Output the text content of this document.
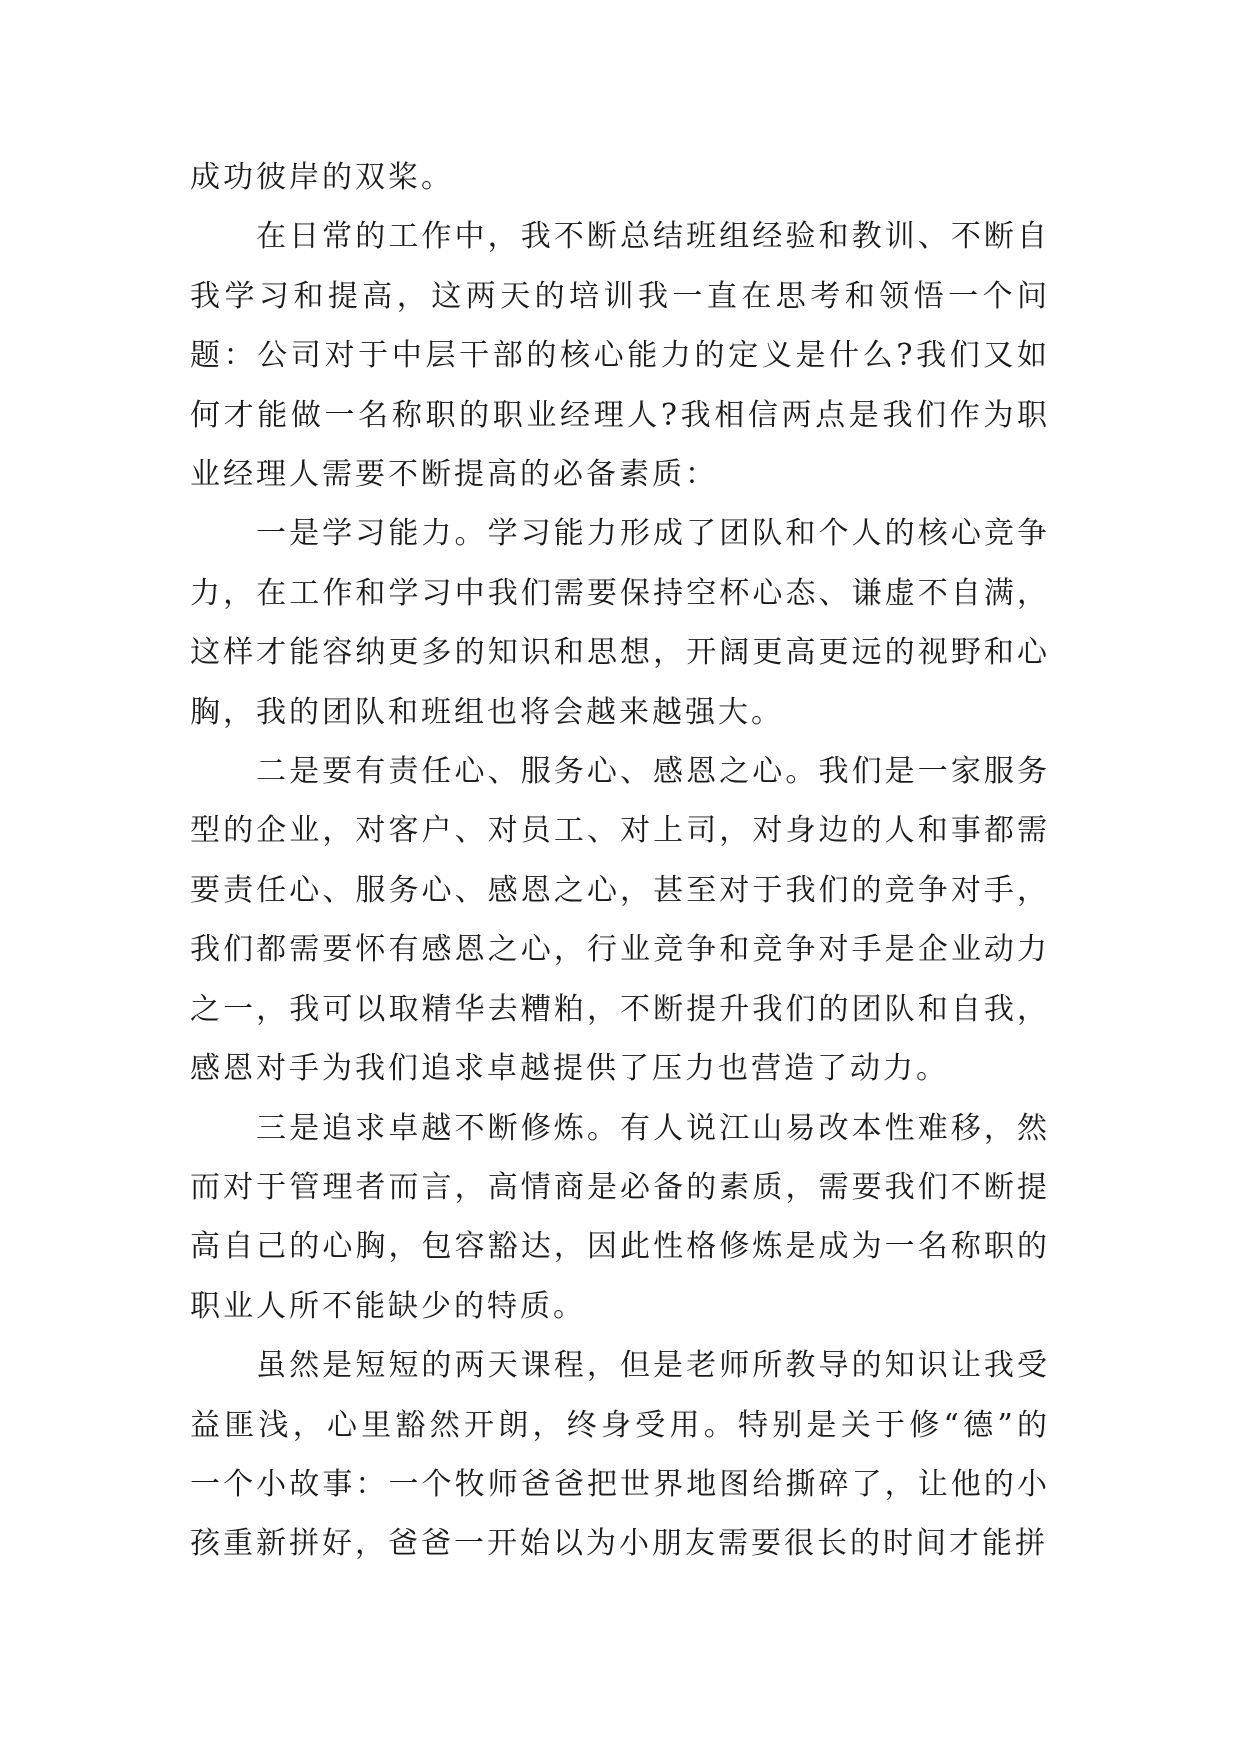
成功彼岸的双桨。

在日常的工作中，我不断总结班组经验和教训、不断自我学习和提高，这两天的培训我一直在思考和领悟一个问题：公司对于中层干部的核心能力的定义是什么?我们又如何才能做一名称职的职业经理人?我相信两点是我们作为职业经理人需要不断提高的必备素质：

一是学习能力。学习能力形成了团队和个人的核心竞争力，在工作和学习中我们需要保持空杯心态、谦虚不自满，这样才能容纳更多的知识和思想，开阔更高更远的视野和心胸，我的团队和班组也将会越来越强大。

二是要有责任心、服务心、感恩之心。我们是一家服务型的企业，对客户、对员工、对上司，对身边的人和事都需要责任心、服务心、感恩之心，甚至对于我们的竞争对手，我们都需要怀有感恩之心，行业竞争和竞争对手是企业动力之一，我可以取精华去糟粕，不断提升我们的团队和自我，感恩对手为我们追求卓越提供了压力也营造了动力。

三是追求卓越不断修炼。有人说江山易改本性难移，然而对于管理者而言，高情商是必备的素质，需要我们不断提高自己的心胸，包容豁达，因此性格修炼是成为一名称职的职业人所不能缺少的特质。

虽然是短短的两天课程，但是老师所教导的知识让我受益匪浅，心里豁然开朗，终身受用。特别是关于修“德”的一个小故事：一个牧师爸爸把世界地图给撕碎了，让他的小孩重新拼好，爸爸一开始以为小朋友需要很长的时间才能拼
